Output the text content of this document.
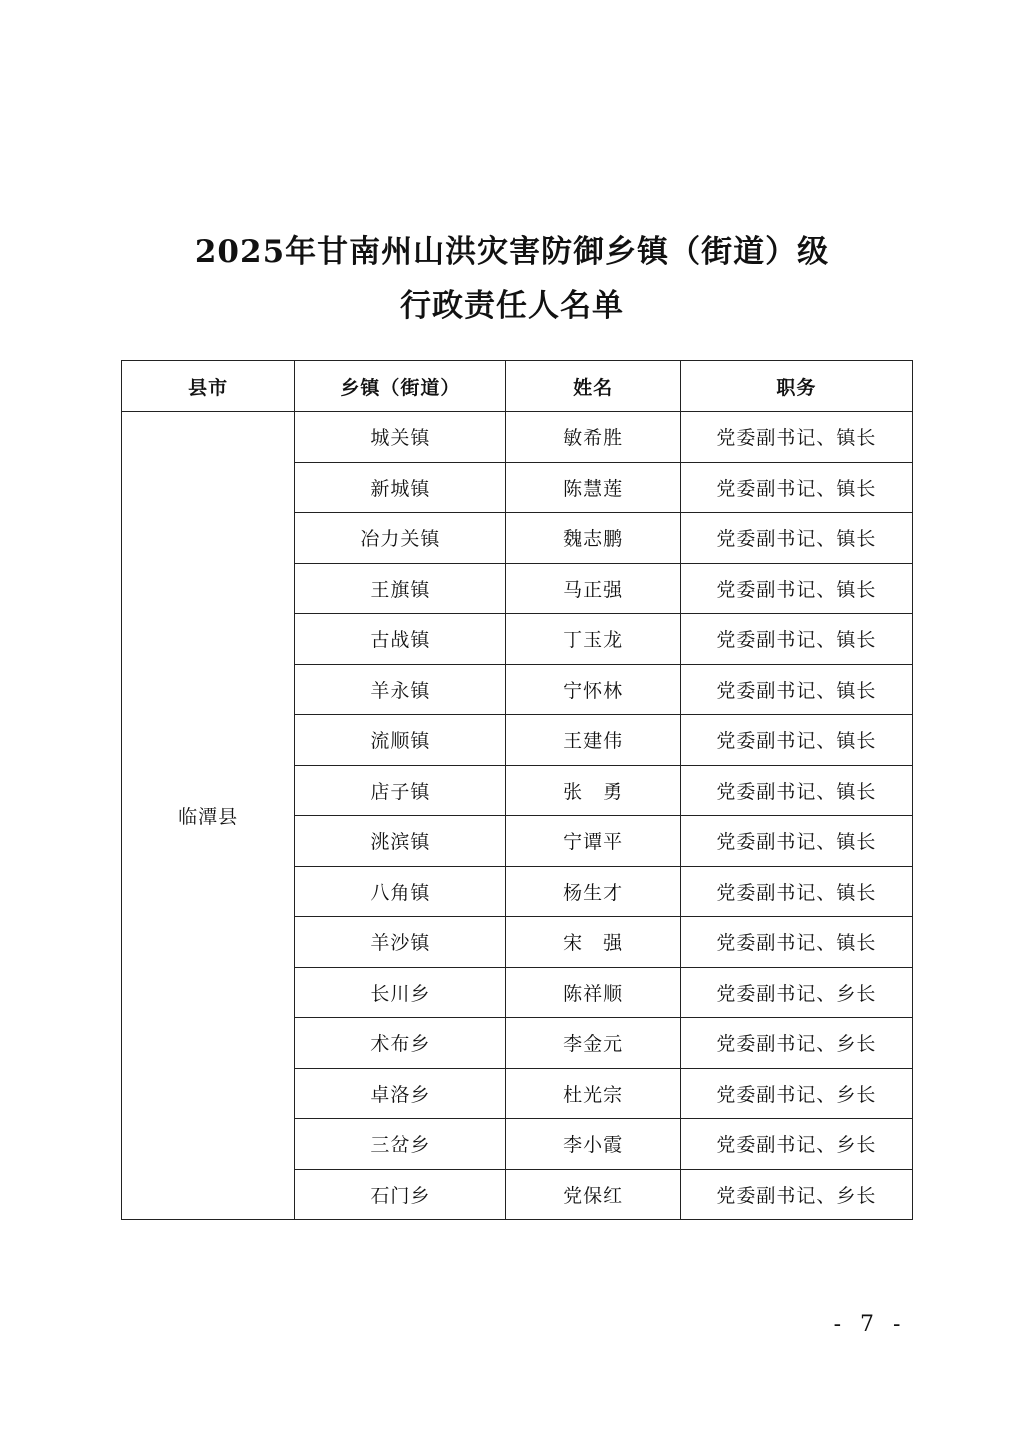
2025年甘南州山洪灾害防御乡镇（街道）级
行政责任人名单
县市	乡镇（街道）	姓名	职务
临潭县	城关镇	敏希胜	党委副书记、镇长
	新城镇	陈慧莲	党委副书记、镇长
	冶力关镇	魏志鹏	党委副书记、镇长
	王旗镇	马正强	党委副书记、镇长
	古战镇	丁玉龙	党委副书记、镇长
	羊永镇	宁怀林	党委副书记、镇长
	流顺镇	王建伟	党委副书记、镇长
	店子镇	张　勇	党委副书记、镇长
	洮滨镇	宁谭平	党委副书记、镇长
	八角镇	杨生才	党委副书记、镇长
	羊沙镇	宋　强	党委副书记、镇长
	长川乡	陈祥顺	党委副书记、乡长
	术布乡	李金元	党委副书记、乡长
	卓洛乡	杜光宗	党委副书记、乡长
	三岔乡	李小霞	党委副书记、乡长
	石门乡	党保红	党委副书记、乡长
- 7 -
